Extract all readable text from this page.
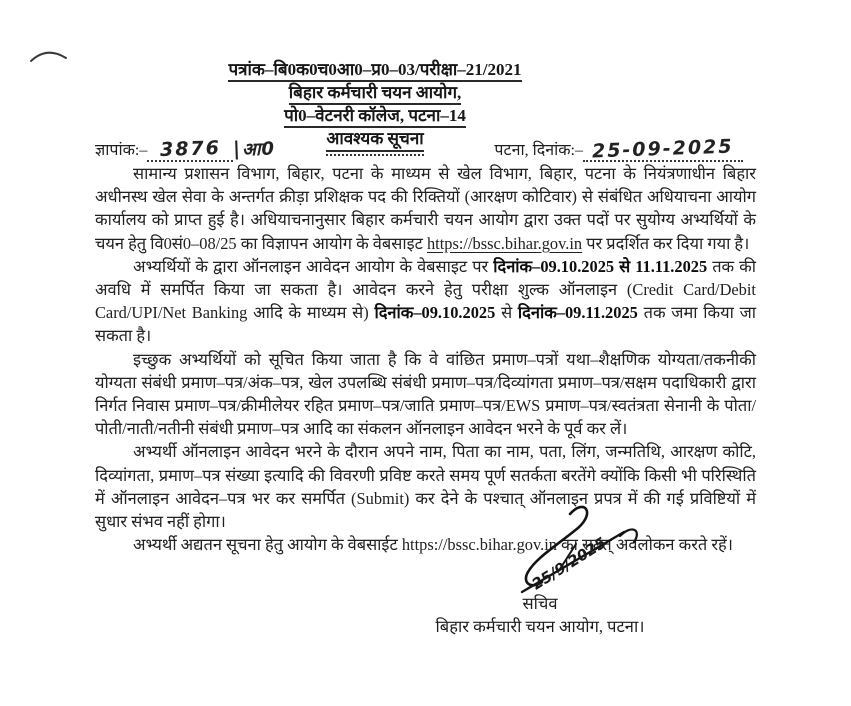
पत्रांक–बि0क0च0आ0–प्र0–03/परीक्षा–21/2021
बिहार कर्मचारी चयन आयोग,
पो0–वेटनरी कॉलेज, पटना–14
आवश्यक सूचना
ज्ञापांक:– 3876 |आ0	पटना, दिनांक:– 25-09-2025

सामान्य प्रशासन विभाग, बिहार, पटना के माध्यम से खेल विभाग, बिहार, पटना के नियंत्रणाधीन बिहार अधीनस्थ खेल सेवा के अन्तर्गत क्रीड़ा प्रशिक्षक पद की रिक्तियों (आरक्षण कोटिवार) से संबंधित अधियाचना आयोग कार्यालय को प्राप्त हुई है। अधियाचनानुसार बिहार कर्मचारी चयन आयोग द्वारा उक्त पदों पर सुयोग्य अभ्यर्थियों के चयन हेतु वि0सं0–08/25 का विज्ञापन आयोग के वेबसाइट https://bssc.bihar.gov.in पर प्रदर्शित कर दिया गया है।

अभ्यर्थियों के द्वारा ऑनलाइन आवेदन आयोग के वेबसाइट पर दिनांक–09.10.2025 से 11.11.2025 तक की अवधि में समर्पित किया जा सकता है। आवेदन करने हेतु परीक्षा शुल्क ऑनलाइन (Credit Card/Debit Card/UPI/Net Banking आदि के माध्यम से) दिनांक–09.10.2025 से दिनांक–09.11.2025 तक जमा किया जा सकता है।

इच्छुक अभ्यर्थियों को सूचित किया जाता है कि वे वांछित प्रमाण–पत्रों यथा–शैक्षणिक योग्यता/तकनीकी योग्यता संबंधी प्रमाण–पत्र/अंक–पत्र, खेल उपलब्धि संबंधी प्रमाण–पत्र/दिव्यांगता प्रमाण–पत्र/सक्षम पदाधिकारी द्वारा निर्गत निवास प्रमाण–पत्र/क्रीमीलेयर रहित प्रमाण–पत्र/जाति प्रमाण–पत्र/EWS प्रमाण–पत्र/स्वतंत्रता सेनानी के पोता/पोती/नाती/नतीनी संबंधी प्रमाण–पत्र आदि का संकलन ऑनलाइन आवेदन भरने के पूर्व कर लें।

अभ्यर्थी ऑनलाइन आवेदन भरने के दौरान अपने नाम, पिता का नाम, पता, लिंग, जन्मतिथि, आरक्षण कोटि, दिव्यांगता, प्रमाण–पत्र संख्या इत्यादि की विवरणी प्रविष्ट करते समय पूर्ण सतर्कता बरतेंगे क्योंकि किसी भी परिस्थिति में ऑनलाइन आवेदन–पत्र भर कर समर्पित (Submit) कर देने के पश्चात् ऑनलाइन प्रपत्र में की गई प्रविष्टियों में सुधार संभव नहीं होगा।

अभ्यर्थी अद्यतन सूचना हेतु आयोग के वेबसाईट https://bssc.bihar.gov.in का सतत् अवलोकन करते रहें।

25/9/2025
सचिव
बिहार कर्मचारी चयन आयोग, पटना।
